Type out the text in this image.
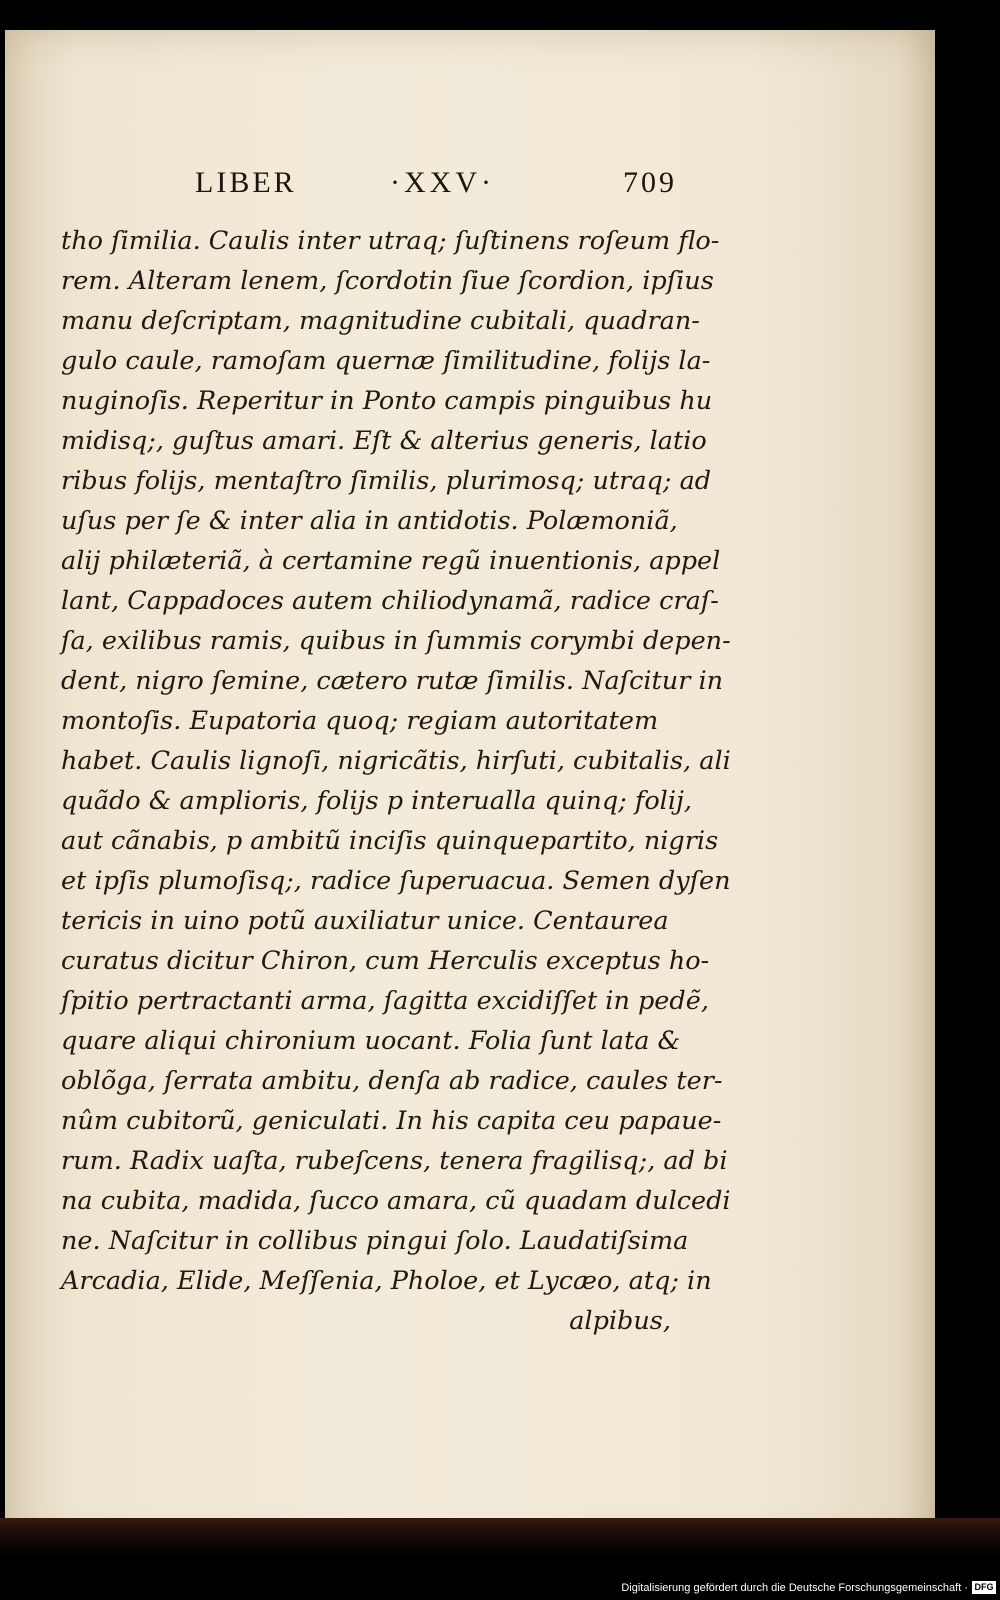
LIBER	·XXV·	709
tho ſimilia. Caulis inter utraq; ſuſtinens roſeum flo-
rem. Alteram lenem, ſcordotin ſiue ſcordion, ipſius
manu deſcriptam, magnitudine cubitali, quadran-
gulo caule, ramoſam quernæ ſimilitudine, folijs la-
nuginoſis. Reperitur in Ponto campis pinguibus hu
midisq;, guſtus amari. Eſt & alterius generis, latio
ribus folijs, mentaſtro ſimilis, plurimosq; utraq; ad
uſus per ſe & inter alia in antidotis. Polæmoniã,
alij philæteriã, à certamine regũ inuentionis, appel
lant, Cappadoces autem chiliodynamã, radice craſ-
ſa, exilibus ramis, quibus in ſummis corymbi depen-
dent, nigro ſemine, cætero rutæ ſimilis. Naſcitur in
montoſis. Eupatoria quoq; regiam autoritatem
habet. Caulis lignoſi, nigricãtis, hirſuti, cubitalis, ali
quãdo & amplioris, folijs p interualla quinq; folij,
aut cãnabis, p ambitũ inciſis quinquepartito, nigris
et ipſis plumoſisq;, radice ſuperuacua. Semen dyſen
tericis in uino potũ auxiliatur unice. Centaurea
curatus dicitur Chiron, cum Herculis exceptus ho-
ſpitio pertractanti arma, ſagitta excidiſſet in pedẽ,
quare aliqui chironium uocant. Folia ſunt lata &
oblõga, ſerrata ambitu, denſa ab radice, caules ter-
nûm cubitorũ, geniculati. In his capita ceu papaue-
rum. Radix uaſta, rubeſcens, tenera fragilisq;, ad bi
na cubita, madida, ſucco amara, cũ quadam dulcedi
ne. Naſcitur in collibus pingui ſolo. Laudatiſsima
Arcadia, Elide, Meſſenia, Pholoe, et Lycæo, atq; in
alpibus,
Digitalisierung gefördert durch die Deutsche Forschungsgemeinschaft · DFG
